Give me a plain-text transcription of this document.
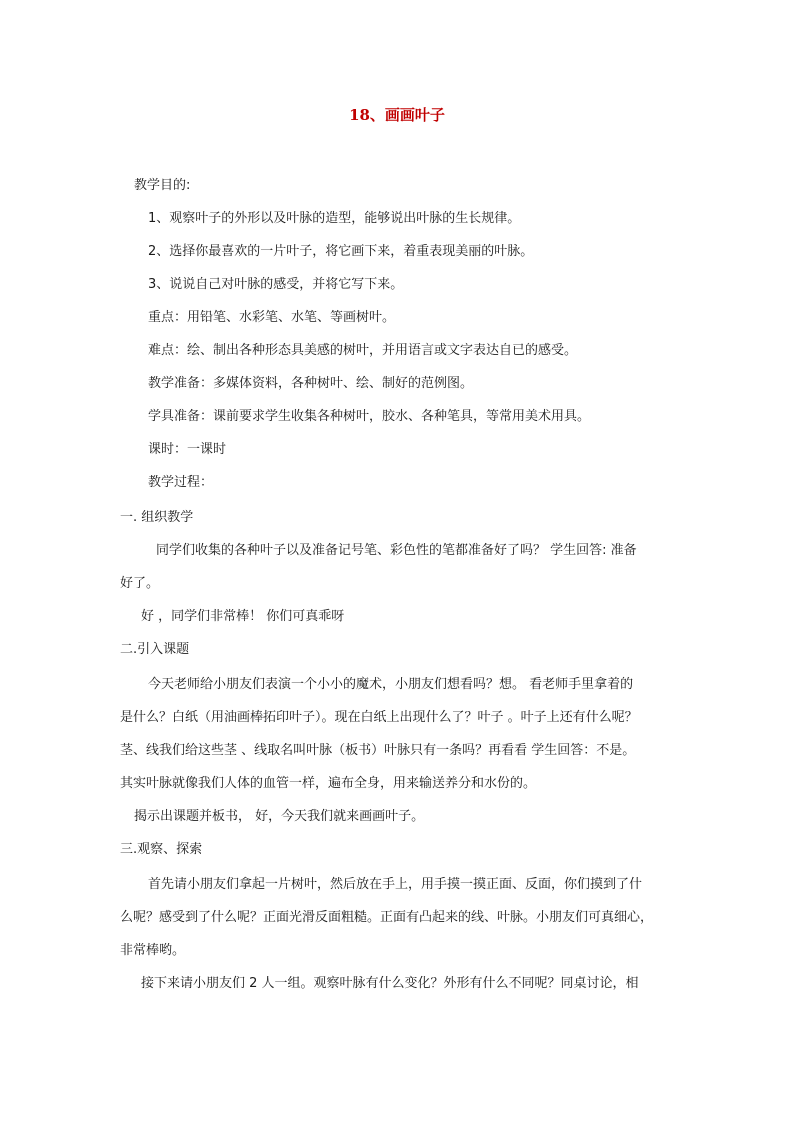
18、画画叶子
教学目的:
1、观察叶子的外形以及叶脉的造型，能够说出叶脉的生长规律。
2、选择你最喜欢的一片叶子，将它画下来，着重表现美丽的叶脉。
3、说说自己对叶脉的感受，并将它写下来。
重点：用铅笔、水彩笔、水笔、等画树叶。
难点：绘、制出各种形态具美感的树叶，并用语言或文字表达自已的感受。
教学准备：多媒体资料，各种树叶、绘、制好的范例图。
学具准备：课前要求学生收集各种树叶，胶水、各种笔具，等常用美术用具。
课时：一课时
教学过程：
一. 组织教学
同学们收集的各种叶子以及准备记号笔、彩色性的笔都准备好了吗？ 学生回答: 准备
好了。
好 ，同学们非常棒！ 你们可真乖呀
二.引入课题
今天老师给小朋友们表演一个小小的魔术，小朋友们想看吗？想。 看老师手里拿着的
是什么？白纸（用油画棒拓印叶子）。现在白纸上出现什么了？叶子 。叶子上还有什么呢？
茎、线我们给这些茎 、线取名叫叶脉（板书）叶脉只有一条吗？再看看 学生回答：不是。
其实叶脉就像我们人体的血管一样，遍布全身，用来输送养分和水份的。
揭示出课题并板书， 好，今天我们就来画画叶子。
三.观察、探索
首先请小朋友们拿起一片树叶，然后放在手上，用手摸一摸正面、反面，你们摸到了什
么呢？感受到了什么呢？正面光滑反面粗糙。正面有凸起来的线、叶脉。小朋友们可真细心，
非常棒哟。
接下来请小朋友们 2 人一组。观察叶脉有什么变化？外形有什么不同呢？同桌讨论，相
